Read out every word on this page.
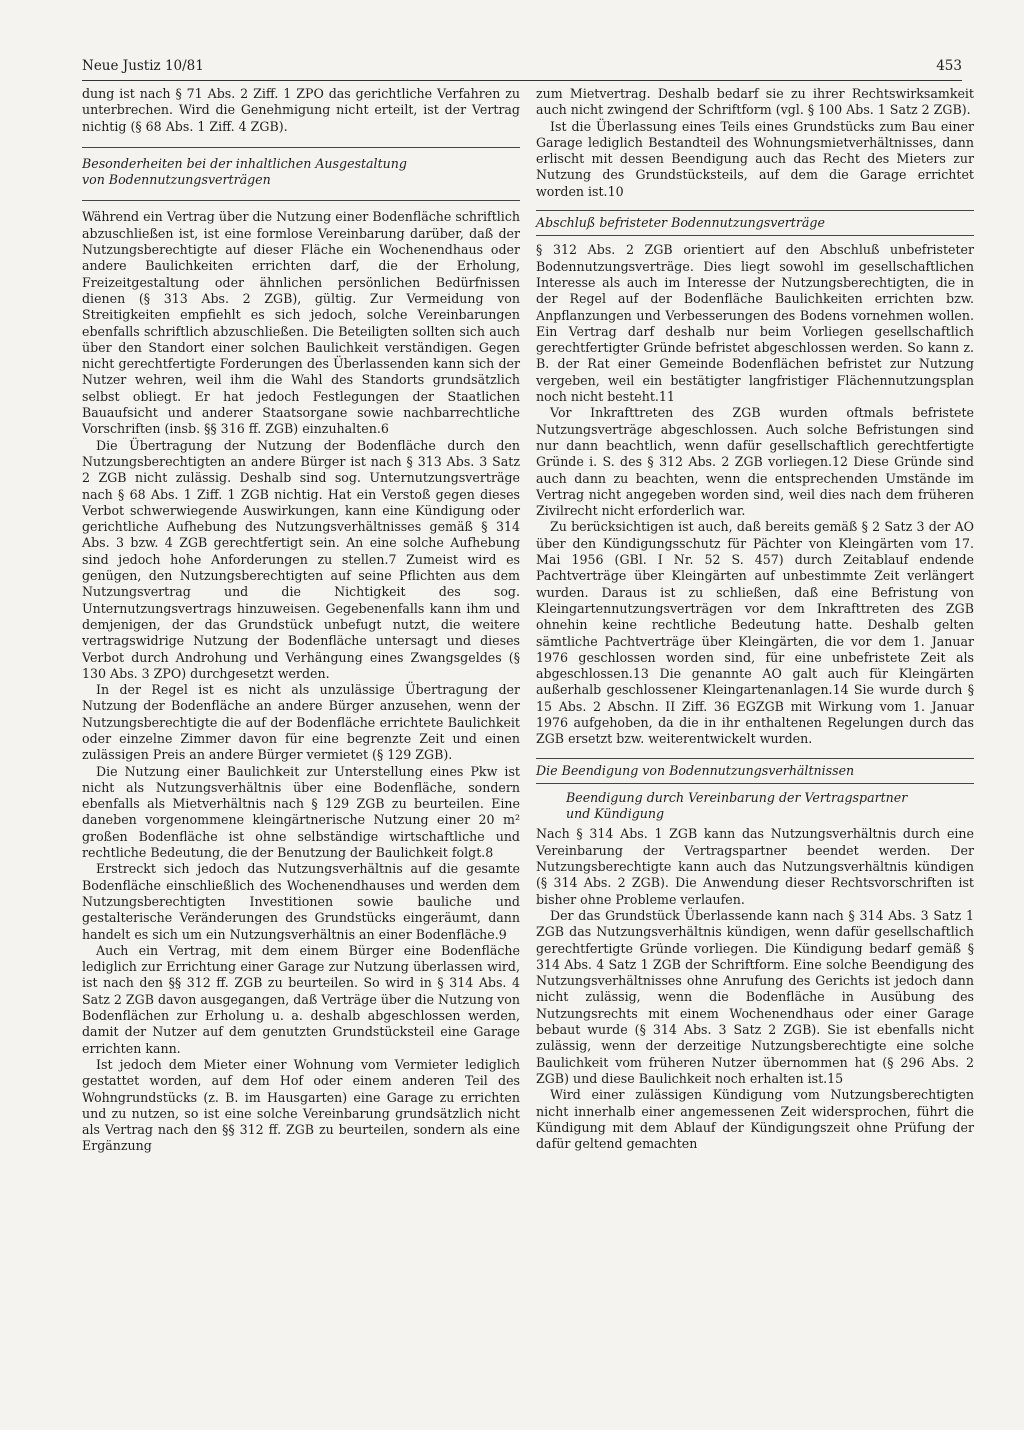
Neue Justiz 10/81	453

dung ist nach § 71 Abs. 2 Ziff. 1 ZPO das gerichtliche Verfahren zu unterbrechen. Wird die Genehmigung nicht erteilt, ist der Vertrag nichtig (§ 68 Abs. 1 Ziff. 4 ZGB).

Besonderheiten bei der inhaltlichen Ausgestaltung
von Bodennutzungsverträgen

Während ein Vertrag über die Nutzung einer Bodenfläche schriftlich abzuschließen ist, ist eine formlose Vereinbarung darüber, daß der Nutzungsberechtigte auf dieser Fläche ein Wochenendhaus oder andere Baulichkeiten errichten darf, die der Erholung, Freizeitgestaltung oder ähnlichen persönlichen Bedürfnissen dienen (§ 313 Abs. 2 ZGB), gültig. Zur Vermeidung von Streitigkeiten empfiehlt es sich jedoch, solche Vereinbarungen ebenfalls schriftlich abzuschließen. Die Beteiligten sollten sich auch über den Standort einer solchen Baulichkeit verständigen. Gegen nicht gerechtfertigte Forderungen des Überlassenden kann sich der Nutzer wehren, weil ihm die Wahl des Standorts grundsätzlich selbst obliegt. Er hat jedoch Festlegungen der Staatlichen Bauaufsicht und anderer Staatsorgane sowie nachbarrechtliche Vorschriften (insb. §§ 316 ff. ZGB) einzuhalten.6

Die Übertragung der Nutzung der Bodenfläche durch den Nutzungsberechtigten an andere Bürger ist nach § 313 Abs. 3 Satz 2 ZGB nicht zulässig. Deshalb sind sog. Unternutzungsverträge nach § 68 Abs. 1 Ziff. 1 ZGB nichtig. Hat ein Verstoß gegen dieses Verbot schwerwiegende Auswirkungen, kann eine Kündigung oder gerichtliche Aufhebung des Nutzungsverhältnisses gemäß § 314 Abs. 3 bzw. 4 ZGB gerechtfertigt sein. An eine solche Aufhebung sind jedoch hohe Anforderungen zu stellen.7 Zumeist wird es genügen, den Nutzungsberechtigten auf seine Pflichten aus dem Nutzungsvertrag und die Nichtigkeit des sog. Unternutzungsvertrags hinzuweisen. Gegebenenfalls kann ihm und demjenigen, der das Grundstück unbefugt nutzt, die weitere vertragswidrige Nutzung der Bodenfläche untersagt und dieses Verbot durch Androhung und Verhängung eines Zwangsgeldes (§ 130 Abs. 3 ZPO) durchgesetzt werden.

In der Regel ist es nicht als unzulässige Übertragung der Nutzung der Bodenfläche an andere Bürger anzusehen, wenn der Nutzungsberechtigte die auf der Bodenfläche errichtete Baulichkeit oder einzelne Zimmer davon für eine begrenzte Zeit und einen zulässigen Preis an andere Bürger vermietet (§ 129 ZGB).

Die Nutzung einer Baulichkeit zur Unterstellung eines Pkw ist nicht als Nutzungsverhältnis über eine Bodenfläche, sondern ebenfalls als Mietverhältnis nach § 129 ZGB zu beurteilen. Eine daneben vorgenommene kleingärtnerische Nutzung einer 20 m² großen Bodenfläche ist ohne selbständige wirtschaftliche und rechtliche Bedeutung, die der Benutzung der Baulichkeit folgt.8

Erstreckt sich jedoch das Nutzungsverhältnis auf die gesamte Bodenfläche einschließlich des Wochenendhauses und werden dem Nutzungsberechtigten Investitionen sowie bauliche und gestalterische Veränderungen des Grundstücks eingeräumt, dann handelt es sich um ein Nutzungsverhältnis an einer Bodenfläche.9

Auch ein Vertrag, mit dem einem Bürger eine Bodenfläche lediglich zur Errichtung einer Garage zur Nutzung überlassen wird, ist nach den §§ 312 ff. ZGB zu beurteilen. So wird in § 314 Abs. 4 Satz 2 ZGB davon ausgegangen, daß Verträge über die Nutzung von Bodenflächen zur Erholung u. a. deshalb abgeschlossen werden, damit der Nutzer auf dem genutzten Grundstücksteil eine Garage errichten kann.

Ist jedoch dem Mieter einer Wohnung vom Vermieter lediglich gestattet worden, auf dem Hof oder einem anderen Teil des Wohngrundstücks (z. B. im Hausgarten) eine Garage zu errichten und zu nutzen, so ist eine solche Vereinbarung grundsätzlich nicht als Vertrag nach den §§ 312 ff. ZGB zu beurteilen, sondern als eine Ergänzung

zum Mietvertrag. Deshalb bedarf sie zu ihrer Rechtswirksamkeit auch nicht zwingend der Schriftform (vgl. § 100 Abs. 1 Satz 2 ZGB).

Ist die Überlassung eines Teils eines Grundstücks zum Bau einer Garage lediglich Bestandteil des Wohnungsmietverhältnisses, dann erlischt mit dessen Beendigung auch das Recht des Mieters zur Nutzung des Grundstücksteils, auf dem die Garage errichtet worden ist.10

Abschluß befristeter Bodennutzungsverträge

§ 312 Abs. 2 ZGB orientiert auf den Abschluß unbefristeter Bodennutzungsverträge. Dies liegt sowohl im gesellschaftlichen Interesse als auch im Interesse der Nutzungsberechtigten, die in der Regel auf der Bodenfläche Baulichkeiten errichten bzw. Anpflanzungen und Verbesserungen des Bodens vornehmen wollen. Ein Vertrag darf deshalb nur beim Vorliegen gesellschaftlich gerechtfertigter Gründe befristet abgeschlossen werden. So kann z. B. der Rat einer Gemeinde Bodenflächen befristet zur Nutzung vergeben, weil ein bestätigter langfristiger Flächennutzungsplan noch nicht besteht.11

Vor Inkrafttreten des ZGB wurden oftmals befristete Nutzungsverträge abgeschlossen. Auch solche Befristungen sind nur dann beachtlich, wenn dafür gesellschaftlich gerechtfertigte Gründe i. S. des § 312 Abs. 2 ZGB vorliegen.12 Diese Gründe sind auch dann zu beachten, wenn die entsprechenden Umstände im Vertrag nicht angegeben worden sind, weil dies nach dem früheren Zivilrecht nicht erforderlich war.

Zu berücksichtigen ist auch, daß bereits gemäß § 2 Satz 3 der AO über den Kündigungsschutz für Pächter von Kleingärten vom 17. Mai 1956 (GBl. I Nr. 52 S. 457) durch Zeitablauf endende Pachtverträge über Kleingärten auf unbestimmte Zeit verlängert wurden. Daraus ist zu schließen, daß eine Befristung von Kleingartennutzungsverträgen vor dem Inkrafttreten des ZGB ohnehin keine rechtliche Bedeutung hatte. Deshalb gelten sämtliche Pachtverträge über Kleingärten, die vor dem 1. Januar 1976 geschlossen worden sind, für eine unbefristete Zeit als abgeschlossen.13 Die genannte AO galt auch für Kleingärten außerhalb geschlossener Kleingartenanlagen.14 Sie wurde durch § 15 Abs. 2 Abschn. II Ziff. 36 EGZGB mit Wirkung vom 1. Januar 1976 aufgehoben, da die in ihr enthaltenen Regelungen durch das ZGB ersetzt bzw. weiterentwickelt wurden.

Die Beendigung von Bodennutzungsverhältnissen
Beendigung durch Vereinbarung der Vertragspartner
und Kündigung

Nach § 314 Abs. 1 ZGB kann das Nutzungsverhältnis durch eine Vereinbarung der Vertragspartner beendet werden. Der Nutzungsberechtigte kann auch das Nutzungsverhältnis kündigen (§ 314 Abs. 2 ZGB). Die Anwendung dieser Rechtsvorschriften ist bisher ohne Probleme verlaufen.

Der das Grundstück Überlassende kann nach § 314 Abs. 3 Satz 1 ZGB das Nutzungsverhältnis kündigen, wenn dafür gesellschaftlich gerechtfertigte Gründe vorliegen. Die Kündigung bedarf gemäß § 314 Abs. 4 Satz 1 ZGB der Schriftform. Eine solche Beendigung des Nutzungsverhältnisses ohne Anrufung des Gerichts ist jedoch dann nicht zulässig, wenn die Bodenfläche in Ausübung des Nutzungsrechts mit einem Wochenendhaus oder einer Garage bebaut wurde (§ 314 Abs. 3 Satz 2 ZGB). Sie ist ebenfalls nicht zulässig, wenn der derzeitige Nutzungsberechtigte eine solche Baulichkeit vom früheren Nutzer übernommen hat (§ 296 Abs. 2 ZGB) und diese Baulichkeit noch erhalten ist.15

Wird einer zulässigen Kündigung vom Nutzungsberechtigten nicht innerhalb einer angemessenen Zeit widersprochen, führt die Kündigung mit dem Ablauf der Kündigungszeit ohne Prüfung der dafür geltend gemachten
